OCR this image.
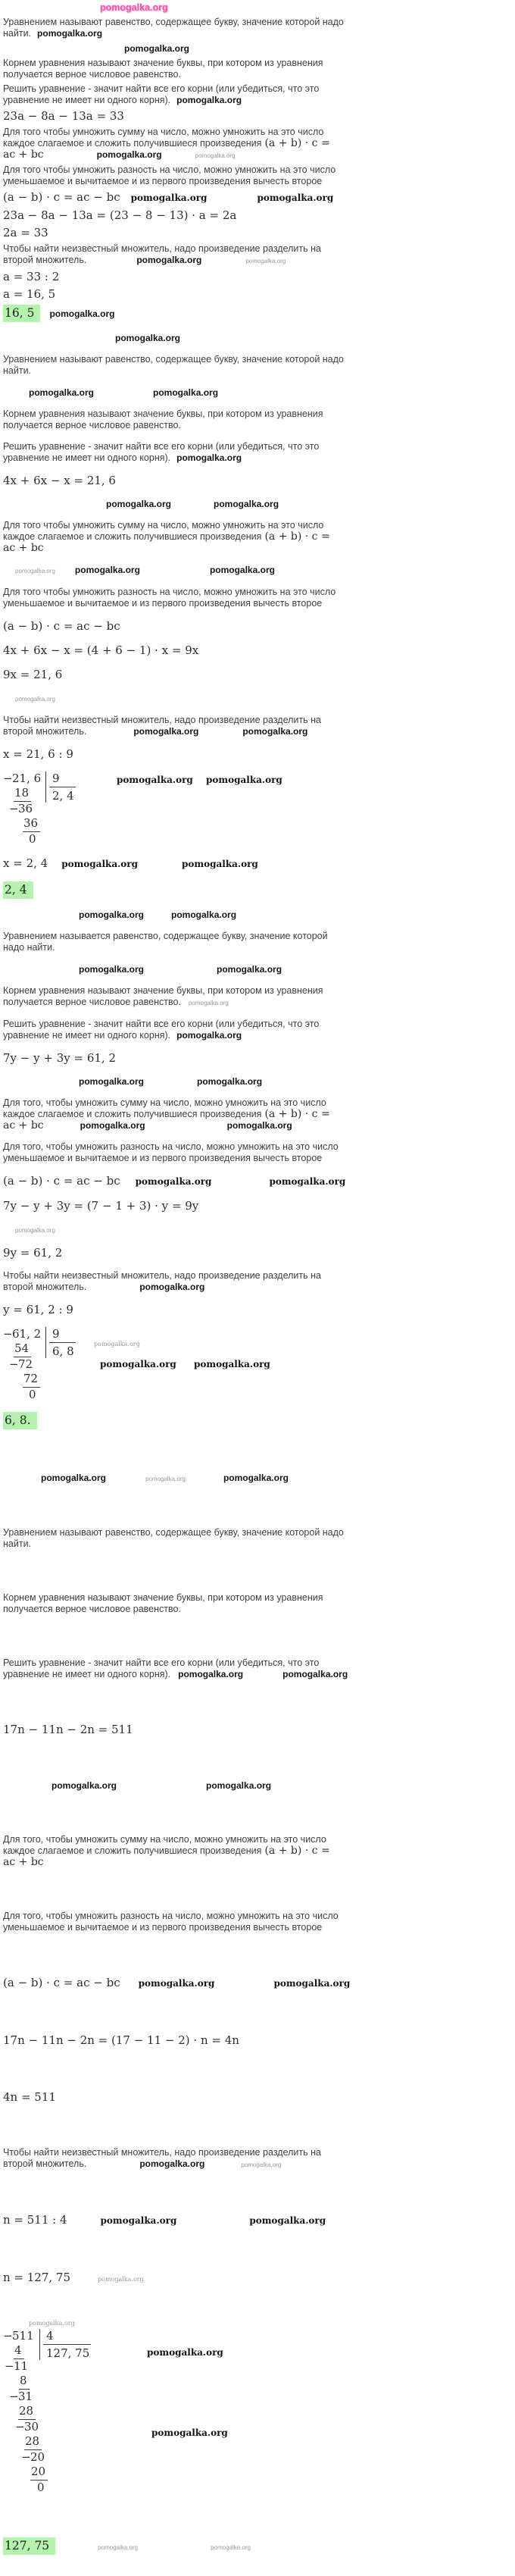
pomogalka.org
Уравнением называют равенство, содержащее букву, значение которой надо
найти. pomogalka.org
pomogalka.org
Корнем уравнения называют значение буквы, при котором из уравнения
получается верное числовое равенство.
Решить уравнение - значит найти все его корни (или убедиться, что это
уравнение не имеет ни одного корня). pomogalka.org
23a − 8a − 13a = 33
Для того чтобы умножить сумму на число, можно умножить на это число
каждое слагаемое и сложить получившиеся произведения (a + b) · c =
ac + bc	pomogalka.org	pomogalka.org
Для того чтобы умножить разность на число, можно умножить на это число
уменьшаемое и вычитаемое и из первого произведения вычесть второе
(a − b) · c = ac − bc pomogalka.org	pomogalka.org
23a − 8a − 13a = (23 − 8 − 13) · a = 2a
2a = 33
Чтобы найти неизвестный множитель, надо произведение разделить на
второй множитель.	pomogalka.org	pomogalka.org
a = 33 : 2
a = 16, 5
16, 5 pomogalka.org
pomogalka.org
Уравнением называют равенство, содержащее букву, значение которой надо
найти.
pomogalka.org	pomogalka.org
Корнем уравнения называют значение буквы, при котором из уравнения
получается верное числовое равенство.
Решить уравнение - значит найти все его корни (или убедиться, что это
уравнение не имеет ни одного корня). pomogalka.org
4x + 6x − x = 21, 6
pomogalka.org	pomogalka.org
Для того чтобы умножить сумму на число, можно умножить на это число
каждое слагаемое и сложить получившиеся произведения (a + b) · c =
ac + bc
pomogalka.org pomogalka.org	pomogalka.org
Для того чтобы умножить разность на число, можно умножить на это число
уменьшаемое и вычитаемое и из первого произведения вычесть второе
(a − b) · c = ac − bc
4x + 6x − x = (4 + 6 − 1) · x = 9x
9x = 21, 6
pomogalka.org
Чтобы найти неизвестный множитель, надо произведение разделить на
второй множитель.	pomogalka.org	pomogalka.org
x = 21, 6 : 9
−21, 6
18
−36
36
0
9
2, 4
pomogalka.org pomogalka.org
x = 2, 4 pomogalka.org	pomogalka.org
2, 4
pomogalka.org	pomogalka.org
Уравнением называется равенство, содержащее букву, значение которой
надо найти.
pomogalka.org	pomogalka.org
Корнем уравнения называют значение буквы, при котором из уравнения
получается верное числовое равенство. pomogalka.org
Решить уравнение - значит найти все его корни (или убедиться, что это
уравнение не имеет ни одного корня). pomogalka.org
7y − y + 3y = 61, 2
pomogalka.org	pomogalka.org
Для того, чтобы умножить сумму на число, можно умножить на это число
каждое слагаемое и сложить получившиеся произведения (a + b) · c =
ac + bc	pomogalka.org	pomogalka.org
Для того, чтобы умножить разность на число, можно умножить на это число
уменьшаемое и вычитаемое и из первого произведения вычесть второе
(a − b) · c = ac − bc pomogalka.org	pomogalka.org
7y − y + 3y = (7 − 1 + 3) · y = 9y
pomogalka.org
9y = 61, 2
Чтобы найти неизвестный множитель, надо произведение разделить на
второй множитель.	pomogalka.org
y = 61, 2 : 9
−61, 2
54
−72
72
0
9
6, 8
pomogalka.org
pomogalka.org pomogalka.org
6, 8.
pomogalka.org	pomogalka.org	pomogalka.org
Уравнением называют равенство, содержащее букву, значение которой надо
найти.
Корнем уравнения называют значение буквы, при котором из уравнения
получается верное числовое равенство.
Решить уравнение - значит найти все его корни (или убедиться, что это
уравнение не имеет ни одного корня). pomogalka.org	pomogalka.org
17n − 11n − 2n = 511
pomogalka.org	pomogalka.org
Для того, чтобы умножить сумму на число, можно умножить на это число
каждое слагаемое и сложить получившиеся произведения (a + b) · c =
ac + bc
Для того, чтобы умножить разность на число, можно умножить на это число
уменьшаемое и вычитаемое и из первого произведения вычесть второе
(a − b) · c = ac − bc pomogalka.org	pomogalka.org
17n − 11n − 2n = (17 − 11 − 2) · n = 4n
4n = 511
Чтобы найти неизвестный множитель, надо произведение разделить на
второй множитель.	pomogalka.org	pomogalka.org
n = 511 : 4	pomogalka.org	pomogalka.org
n = 127, 75	pomogalka.org
−511
4
−11
8
−31
28
−30
28
−20
20
0
4
127, 75
pomogalka.org
pomogalka.org
pomogalka.org
127, 75	pomogalka.org	pomogalka.org
